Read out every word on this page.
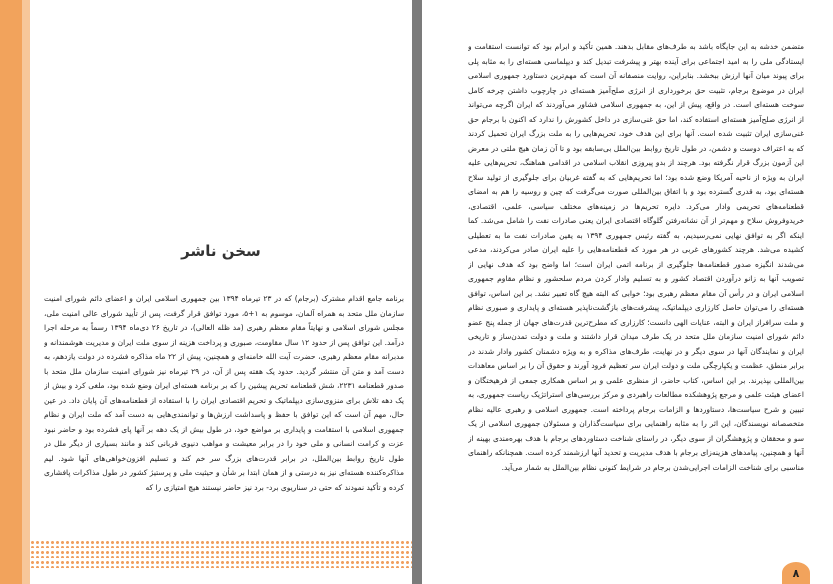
سخن ناشر

برنامه جامع اقدام مشترک (برجام) که در ۲۳ تیرماه ۱۳۹۴ بین جمهوری اسلامی ایران و اعضای دائم شورای امنیت سازمان ملل متحد به همراه آلمان، موسوم به ۱+۵، مورد توافق قرار گرفت، پس از تأیید شورای عالی امنیت ملی، مجلس شورای اسلامی و نهایتاً مقام معظم رهبری (مد ظله العالی)، در تاریخ ۲۶ دی‌ماه ۱۳۹۴ رسماً به مرحله اجرا درآمد. این توافق پس از حدود ۱۲ سال مقاومت، صبوری و پرداخت هزینه از سوی ملت ایران و مدیریت هوشمندانه و مدبرانه مقام معظم رهبری، حضرت آیت الله خامنه‌ای و همچنین، پیش از ۲۲ ماه مذاکره فشرده در دولت یازدهم، به دست آمد و متن آن منتشر گردید. حدود یک هفته پس از آن، در ۲۹ تیرماه نیز شورای امنیت سازمان ملل متحد با صدور قطعنامه ۲۲۳۱، شش قطعنامه تحریم پیشین را که بر برنامه هسته‌ای ایران وضع شده بود، ملغی کرد و بیش از یک دهه تلاش برای منزوی‌سازی دیپلماتیک و تحریم اقتصادی ایران را با استفاده از قطعنامه‌های آن پایان داد. در عین حال، مهم آن است که این توافق با حفظ و پاسداشت ارزش‌ها و توانمندی‌هایی به دست آمد که ملت ایران و نظام جمهوری اسلامی با استقامت و پایداری بر مواضع خود، در طول بیش از یک دهه بر آنها پای فشرده بود و حاضر نبود عزت و کرامت انسانی و ملی خود را در برابر معیشت و مواهب دنیوی قربانی کند و مانند بسیاری از دیگر ملل در طول تاریخ روابط بین‌الملل، در برابر قدرت‌های بزرگ سر خم کند و تسلیم افزون‌خواهی‌های آنها شود. لیم مذاکره‌کننده هسته‌ای نیز به درستی و از همان ابتدا بر شأن و حیثیت ملی و پرستیژ کشور در طول مذاکرات پافشاری کرده و تأکید نمودند که حتی در سناریوی برد- برد نیز حاضر نیستند هیچ امتیازی را که

متضمن خدشه به این جایگاه باشد به طرف‌های مقابل بدهند. همین تأکید و ابرام بود که توانست استقامت و ایستادگی ملی را به امید اجتماعی برای آینده بهتر و پیشرفت تبدیل کند و دیپلماسی هسته‌ای را به مثابه پلی برای پیوند میان آنها ارزش ببخشد. بنابراین، روایت منصفانه آن است که مهم‌ترین دستاورد جمهوری اسلامی ایران در موضوع برجام، تثبیت حق برخورداری از انرژی صلح‌آمیز هسته‌ای در چارچوب داشتن چرخه کامل سوخت هسته‌ای است. در واقع، پیش از این، به جمهوری اسلامی فشاور می‌آوردند که ایران اگرچه می‌تواند از انرژی صلح‌آمیز هسته‌ای استفاده کند، اما حق غنی‌سازی در داخل کشورش را ندارد که اکنون با برجام حق غنی‌سازی ایران تثبیت شده است. آنها برای این هدف خود، تحریم‌هایی را به ملت بزرگ ایران تحمیل کردند که به اعتراف دوست و دشمن، در طول تاریخ روابط بین‌الملل بی‌سابقه بود و تا آن زمان هیچ ملتی در معرض این آزمون بزرگ قرار نگرفته بود. هرچند از بدو پیروزی انقلاب اسلامی در اقدامی هماهنگ، تحریم‌هایی علیه ایران به ویژه از ناحیه آمریکا وضع شده بود؛ اما تحریم‌هایی که به گفته غربیان برای جلوگیری از تولید سلاح هسته‌ای بود، به قدری گسترده بود و با اتفاق بین‌المللی صورت می‌گرفت که چین و روسیه را هم به امضای قطعنامه‌های تحریمی وادار می‌کرد. دایره تحریم‌ها در زمینه‌های مختلف سیاسی، علمی، اقتصادی، خریدوفروش سلاح و مهم‌تر از آن نشانه‌رفتن گلوگاه اقتصادی ایران یعنی صادرات نفت را شامل می‌شد. کما اینکه اگر به توافق نهایی نمی‌رسیدیم، به گفته رئیس جمهوری ۱۳۹۴ به یقین صادرات نفت ما به تعطیلی کشیده می‌شد. هرچند کشورهای غربی در هر مورد که قطعنامه‌هایی را علیه ایران صادر می‌کردند، مدعی می‌شدند انگیزه صدور قطعنامه‌ها جلوگیری از برنامه اتمی ایران است؛ اما واضح بود که هدف نهایی از تصویب آنها به زانو درآوردن اقتصاد کشور و به تسلیم وادار کردن مردم سلحشور و نظام مقاوم جمهوری اسلامی ایران و در رأس آن مقام معظم رهبری بود؛ خوابی که البته هیچ گاه تعبیر نشد. بر این اساس، توافق هسته‌ای را می‌توان حاصل کارزاری دیپلماتیک، پیشرفت‌های بازگشت‌ناپذیر هسته‌ای و پایداری و صبوری نظام و ملت سرافراز ایران و البته، عنایات الهی دانست؛ کارزاری که مطرح‌ترین قدرت‌های جهان از جمله پنج عضو دائم شورای امنیت سازمان ملل متحد در یک طرف میدان قرار داشتند و ملت و دولت تمدن‌ساز و تاریخی ایران و نمایندگان آنها در سوی دیگر و در نهایت، طرف‌های مذاکره و به ویژه دشمنان کشور وادار شدند در برابر منطق، عظمت و یکپارچگی ملت و دولت ایران سر تعظیم فرود آورند و حقوق آن را بر اساس معاهدات بین‌المللی بپذیرند. بر این اساس، کتاب حاضر، از منظری علمی و بر اساس همکاری جمعی از فرهیختگان و اعضای هیئت علمی و مرجع پژوهشکده مطالعات راهبردی و مرکز بررسی‌های استراتژیک ریاست جمهوری، به تبیین و شرح سیاست‌ها، دستاوردها و الزامات برجام پرداخته است. جمهوری اسلامی و رهبری عالیه نظام متخصصانه نویسندگان، این اثر را به مثابه راهنمایی برای سیاست‌گذاران و مسئولان جمهوری اسلامی از یک سو و محققان و پژوهشگران از سوی دیگر، در راستای شناخت دستاوردهای برجام با هدف بهره‌مندی بهینه از آنها و همچنین، پیامدهای هزینه‌زای برجام با هدف مدیریت و تحدید آنها ارزشمند کرده است. همچنانکه راهنمای مناسبی برای شناخت الزامات اجرایی‌شدن برجام در شرایط کنونی نظام بین‌الملل به شمار می‌آید.

۸
